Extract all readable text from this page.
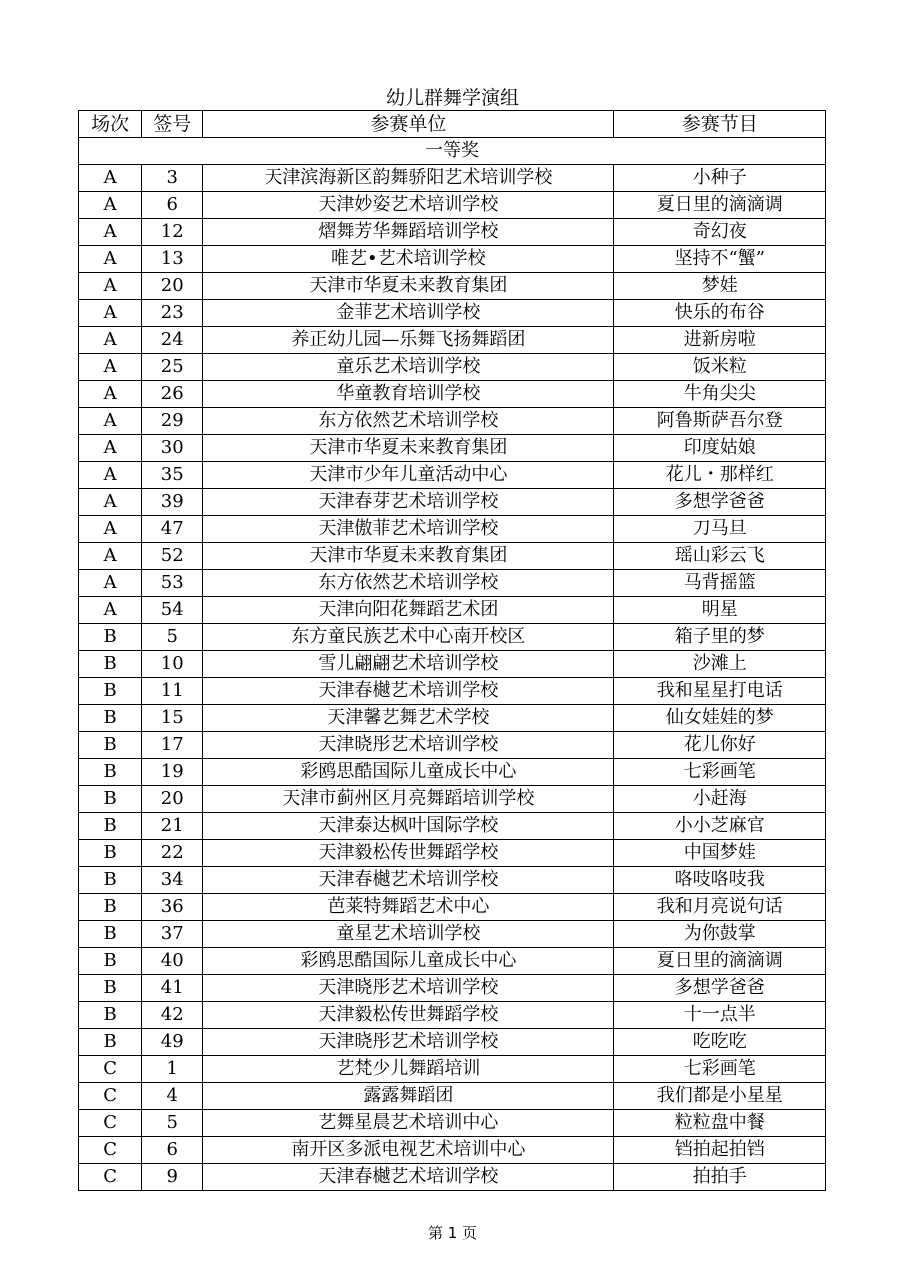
幼儿群舞学演组
场次	签号	参赛单位	参赛节目
一等奖			
A	3	天津滨海新区韵舞骄阳艺术培训学校	小种子
A	6	天津妙姿艺术培训学校	夏日里的滴滴调
A	12	熠舞芳华舞蹈培训学校	奇幻夜
A	13	唯艺•艺术培训学校	坚持不“蟹”
A	20	天津市华夏未来教育集团	梦娃
A	23	金菲艺术培训学校	快乐的布谷
A	24	养正幼儿园—乐舞飞扬舞蹈团	进新房啦
A	25	童乐艺术培训学校	饭米粒
A	26	华童教育培训学校	牛角尖尖
A	29	东方依然艺术培训学校	阿鲁斯萨吾尔登
A	30	天津市华夏未来教育集团	印度姑娘
A	35	天津市少年儿童活动中心	花儿・那样红
A	39	天津春芽艺术培训学校	多想学爸爸
A	47	天津傲菲艺术培训学校	刀马旦
A	52	天津市华夏未来教育集团	瑶山彩云飞
A	53	东方依然艺术培训学校	马背摇篮
A	54	天津向阳花舞蹈艺术团	明星
B	5	东方童民族艺术中心南开校区	箱子里的梦
B	10	雪儿翩翩艺术培训学校	沙滩上
B	11	天津春樾艺术培训学校	我和星星打电话
B	15	天津馨艺舞艺术学校	仙女娃娃的梦
B	17	天津晓彤艺术培训学校	花儿你好
B	19	彩鸥思酷国际儿童成长中心	七彩画笔
B	20	天津市蓟州区月亮舞蹈培训学校	小赶海
B	21	天津泰达枫叶国际学校	小小芝麻官
B	22	天津毅松传世舞蹈学校	中国梦娃
B	34	天津春樾艺术培训学校	咯吱咯吱我
B	36	芭莱特舞蹈艺术中心	我和月亮说句话
B	37	童星艺术培训学校	为你鼓掌
B	40	彩鸥思酷国际儿童成长中心	夏日里的滴滴调
B	41	天津晓彤艺术培训学校	多想学爸爸
B	42	天津毅松传世舞蹈学校	十一点半
B	49	天津晓彤艺术培训学校	吃吃吃
C	1	艺梵少儿舞蹈培训	七彩画笔
C	4	露露舞蹈团	我们都是小星星
C	5	艺舞星晨艺术培训中心	粒粒盘中餐
C	6	南开区多派电视艺术培训中心	铛拍起拍铛
C	9	天津春樾艺术培训学校	拍拍手
第 1 页
